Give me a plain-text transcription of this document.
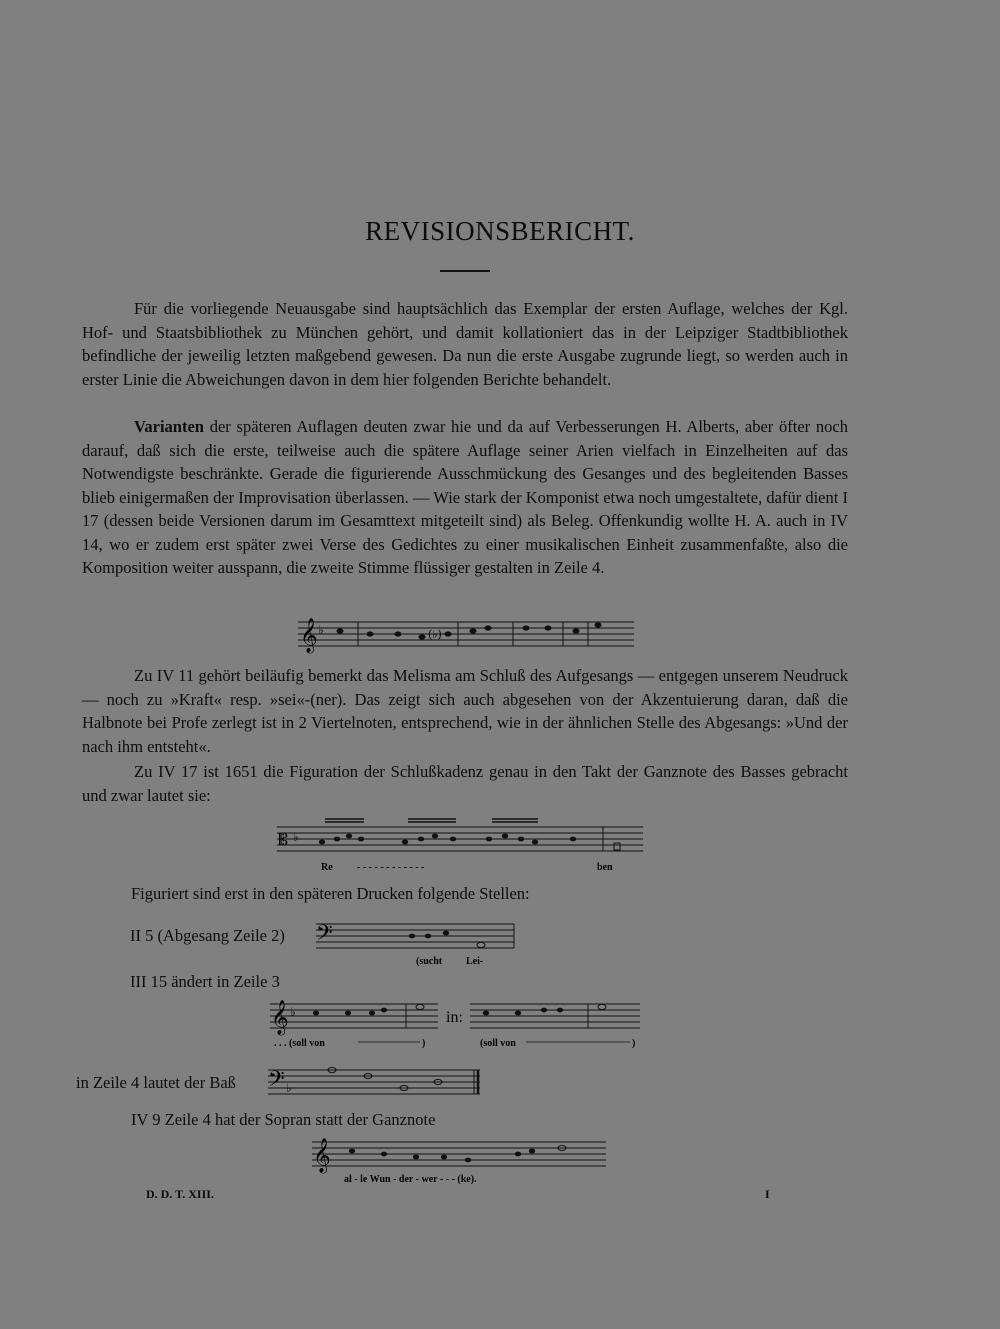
REVISIONSBERICHT.
Für die vorliegende Neuausgabe sind hauptsächlich das Exemplar der ersten Auflage, welches der Kgl. Hof- und Staatsbibliothek zu München gehört, und damit kollationiert das in der Leipziger Stadtbibliothek befindliche der jeweilig letzten maßgebend gewesen. Da nun die erste Ausgabe zugrunde liegt, so werden auch in erster Linie die Abweichungen davon in dem hier folgenden Berichte behandelt.
Varianten der späteren Auflagen deuten zwar hie und da auf Verbesserungen H. Alberts, aber öfter noch darauf, daß sich die erste, teilweise auch die spätere Auflage seiner Arien vielfach in Einzelheiten auf das Notwendigste beschränkte. Gerade die figurierende Ausschmückung des Gesanges und des begleitenden Basses blieb einigermaßen der Improvisation überlassen. — Wie stark der Komponist etwa noch umgestaltete, dafür dient I 17 (dessen beide Versionen darum im Gesamttext mitgeteilt sind) als Beleg. Offenkundig wollte H. A. auch in IV 14, wo er zudem erst später zwei Verse des Gedichtes zu einer musikalischen Einheit zusammenfaßte, also die Komposition weiter ausspann, die zweite Stimme flüssiger gestalten in Zeile 4.
𝄞 ♭	(♭)
Zu IV 11 gehört beiläufig bemerkt das Melisma am Schluß des Aufgesangs — entgegen unserem Neudruck — noch zu »Kraft« resp. »sei«-(ner). Das zeigt sich auch abgesehen von der Akzentuierung daran, daß die Halbnote bei Profe zerlegt ist in 2 Viertelnoten, entsprechend, wie in der ähnlichen Stelle des Abgesangs: »Und der nach ihm entsteht«.
Zu IV 17 ist 1651 die Figuration der Schlußkadenz genau in den Takt der Ganznote des Basses gebracht und zwar lautet sie:
𝄡 ♭
Re - - - - - - - - - - - -	ben
Figuriert sind erst in den späteren Drucken folgende Stellen:
II 5 (Abgesang Zeile 2) 𝄢
(sucht Lei-
III 15 ändert in Zeile 3
𝄞 ♭
. . . (soll von	)
in:
(soll von	)
in Zeile 4 lautet der Baß 𝄢 ♭
IV 9 Zeile 4 hat der Sopran statt der Ganznote
𝄞
al - le Wun - der - wer - - - (ke).
D. D. T. XIII.	I
